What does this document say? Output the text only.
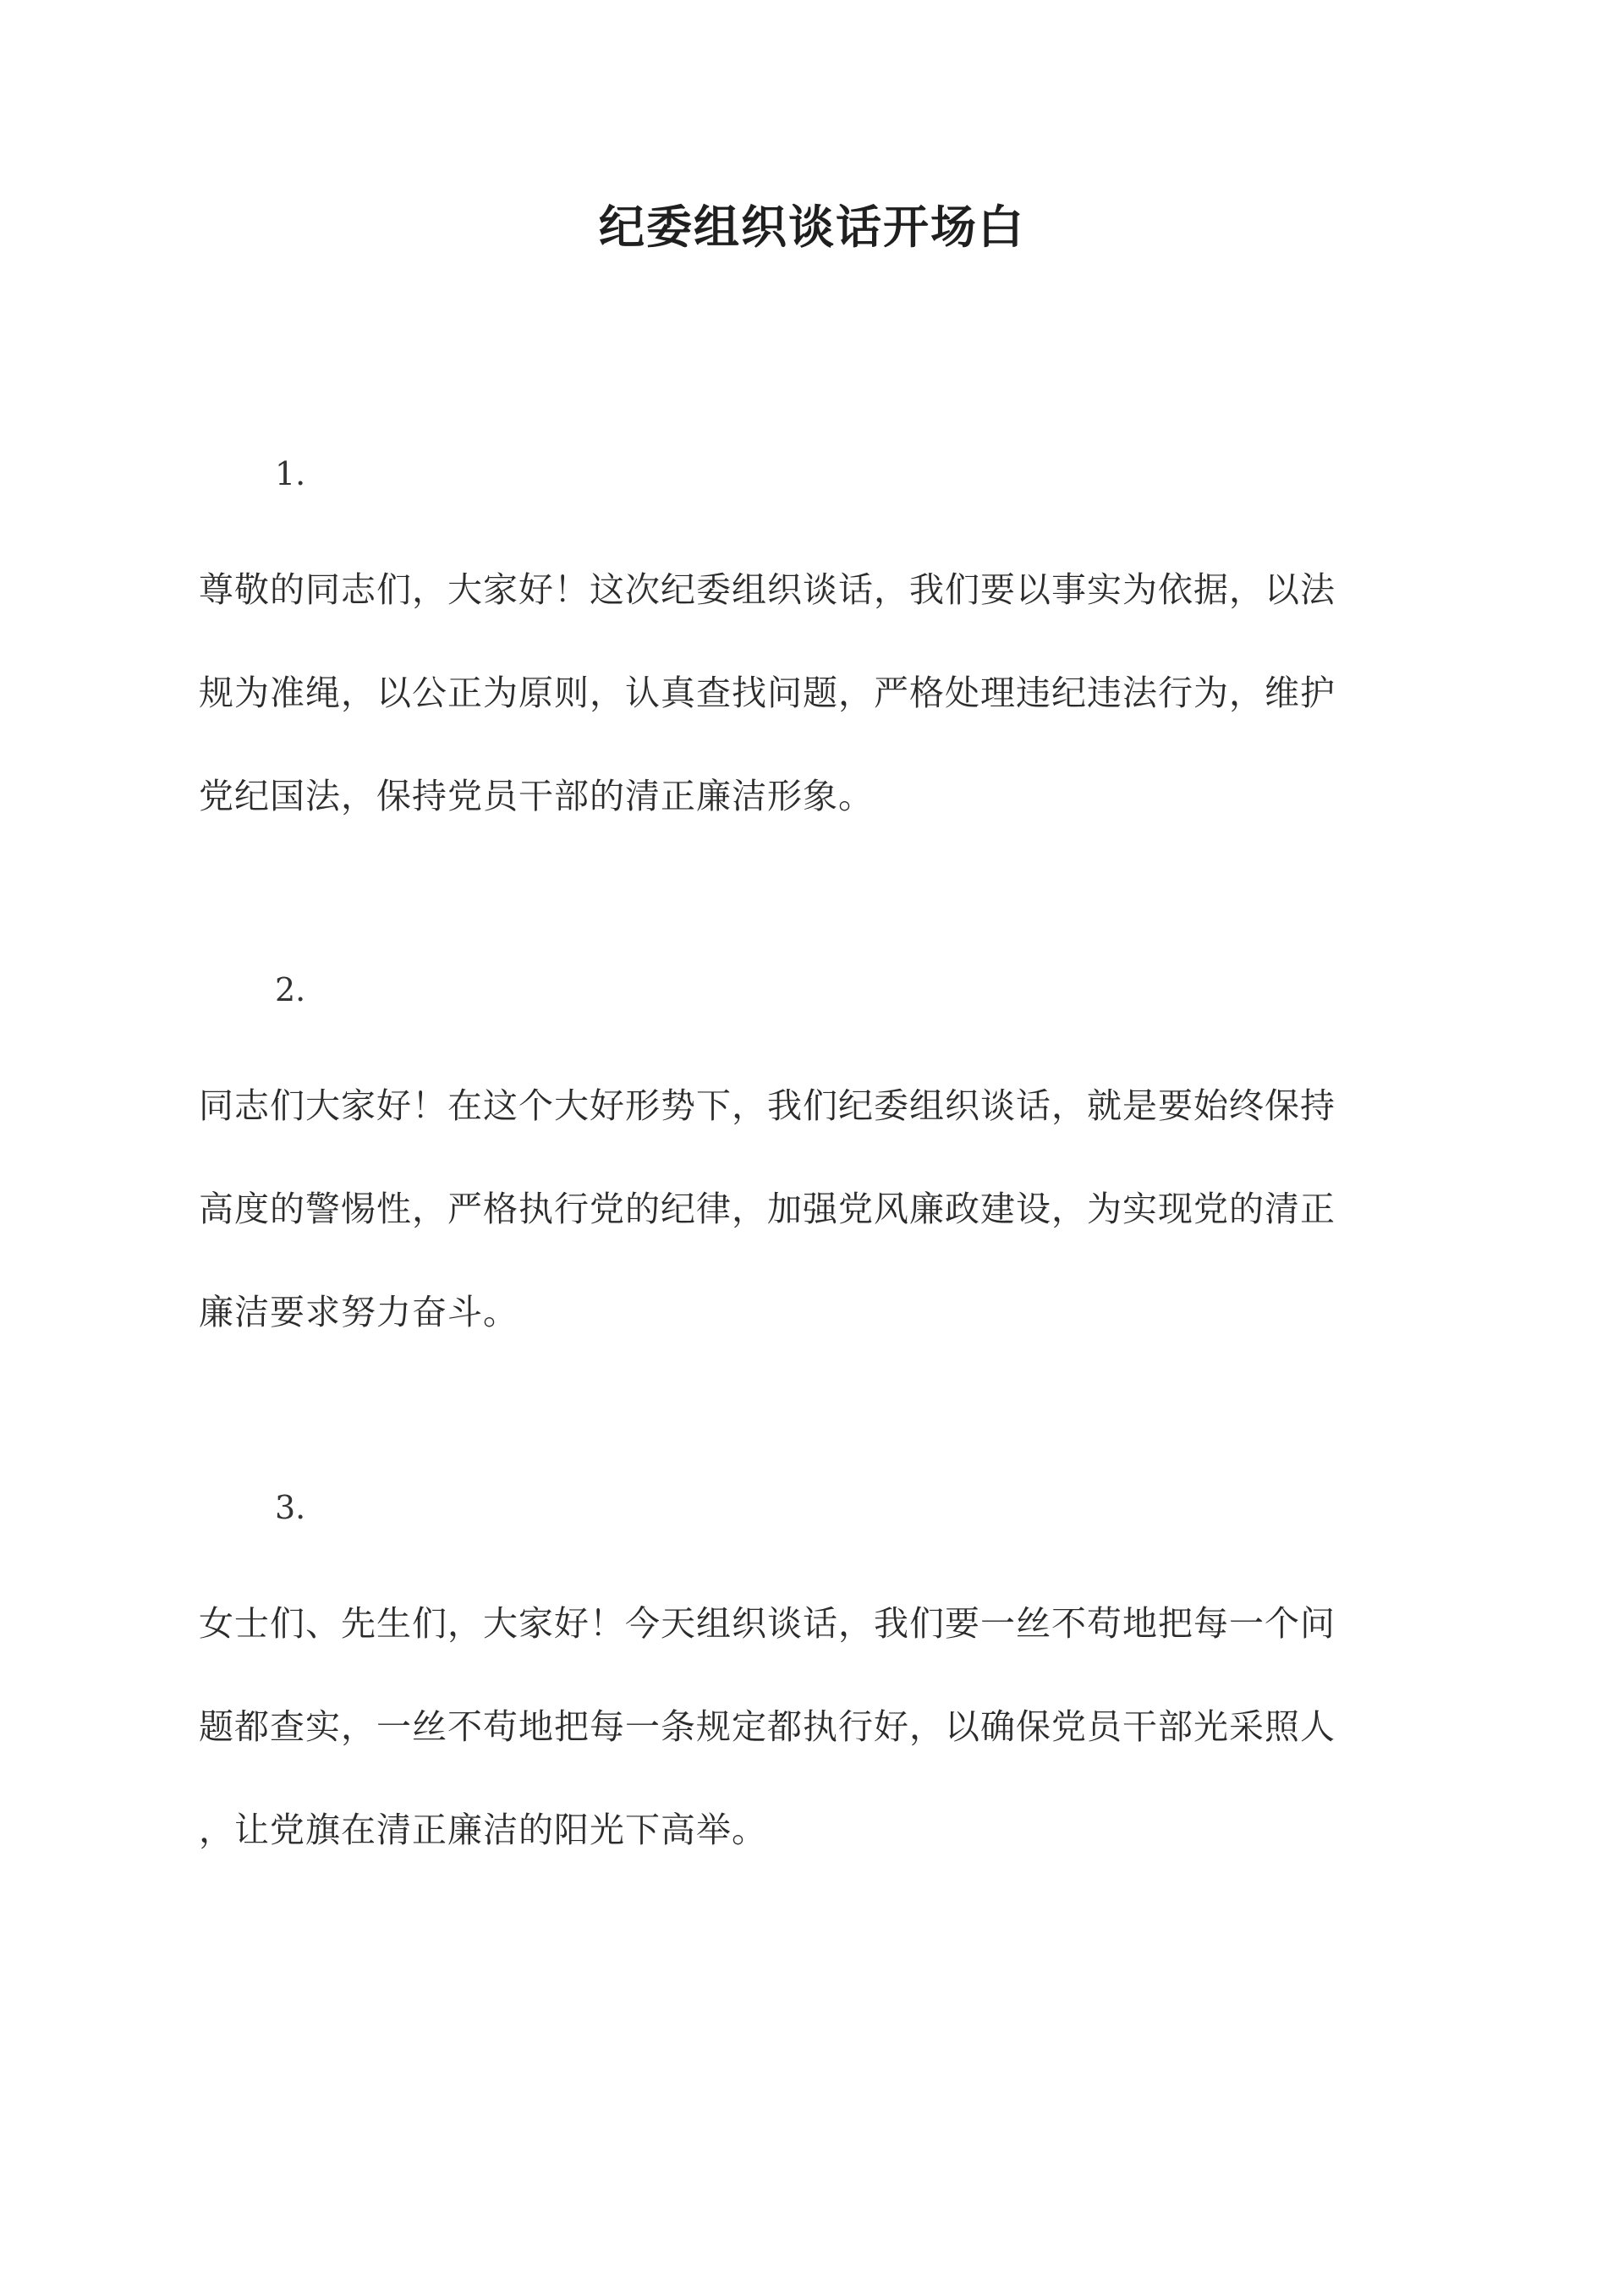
纪委组织谈话开场白
1.
尊敬的同志们，大家好！这次纪委组织谈话，我们要以事实为依据，以法
规为准绳，以公正为原则，认真查找问题，严格处理违纪违法行为，维护
党纪国法，保持党员干部的清正廉洁形象。
2.
同志们大家好！在这个大好形势下，我们纪委组织谈话，就是要始终保持
高度的警惕性，严格执行党的纪律，加强党风廉政建设，为实现党的清正
廉洁要求努力奋斗。
3.
女士们、先生们，大家好！今天组织谈话，我们要一丝不苟地把每一个问
题都查实，一丝不苟地把每一条规定都执行好，以确保党员干部光采照人
，让党旗在清正廉洁的阳光下高举。
